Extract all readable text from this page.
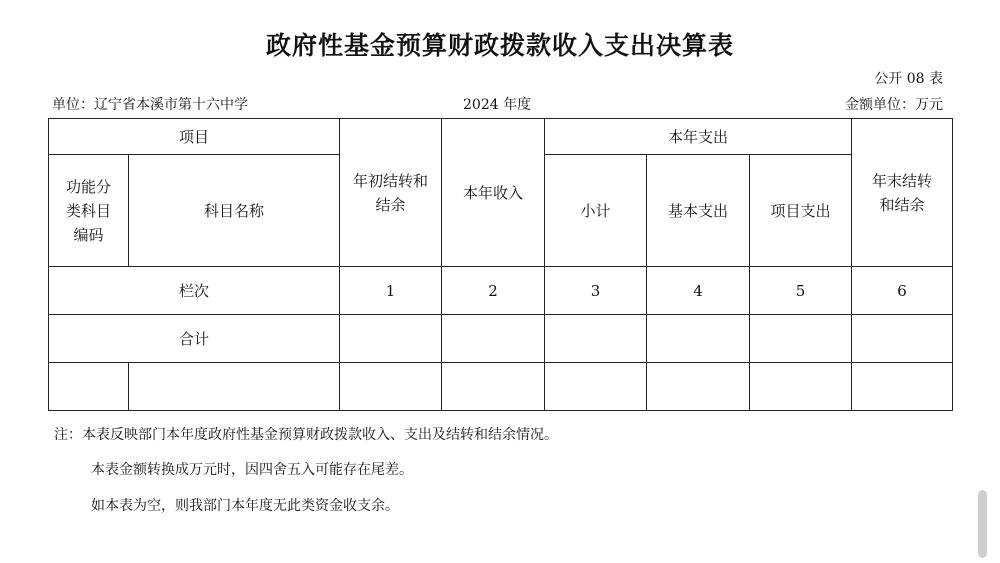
政府性基金预算财政拨款收入支出决算表
公开 08 表
单位：辽宁省本溪市第十六中学	2024 年度	金额单位：万元
项目		年初结转和结余	本年收入	本年支出			年末结转和结余
功能分类科目编码	科目名称			小计	基本支出	项目支出	
栏次		1	2	3	4	5	6
合计							

注：本表反映部门本年度政府性基金预算财政拨款收入、支出及结转和结余情况。
本表金额转换成万元时，因四舍五入可能存在尾差。
如本表为空，则我部门本年度无此类资金收支余。
